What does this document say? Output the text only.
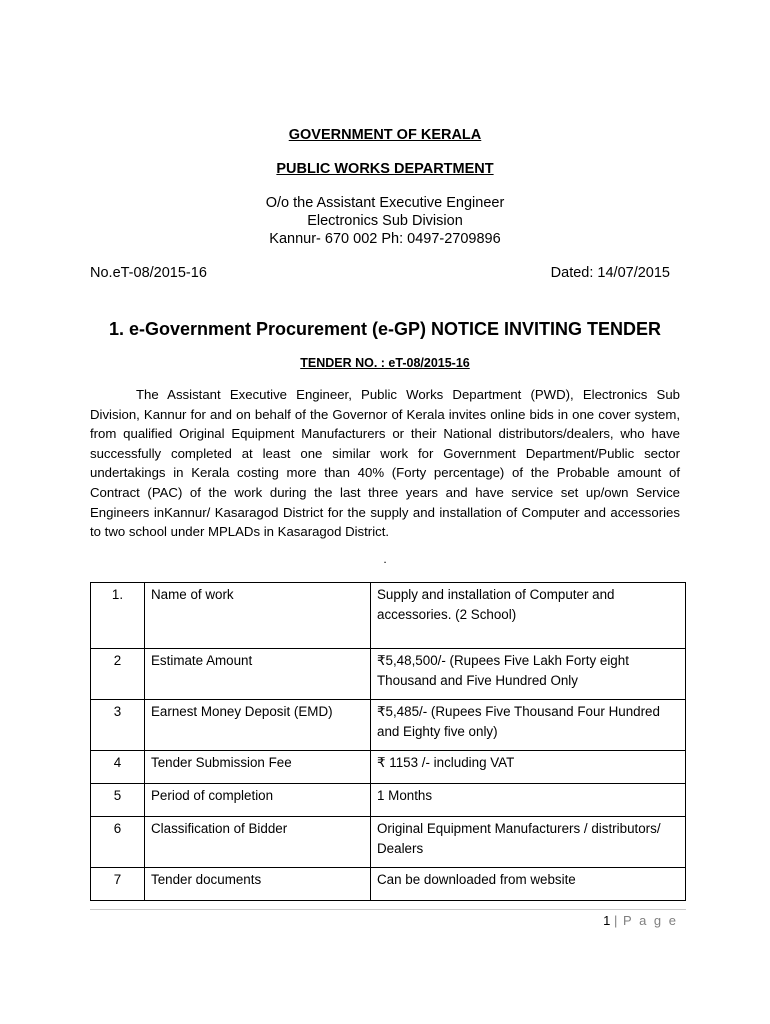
GOVERNMENT OF KERALA
PUBLIC WORKS DEPARTMENT
O/o the Assistant Executive Engineer
Electronics Sub Division
Kannur- 670 002 Ph: 0497-2709896
No.eT-08/2015-16	Dated: 14/07/2015
1. e-Government Procurement (e-GP) NOTICE INVITING TENDER
TENDER NO. : eT-08/2015-16
The Assistant Executive Engineer, Public Works Department (PWD), Electronics Sub Division, Kannur for and on behalf of the Governor of Kerala invites online bids in one cover system, from qualified Original Equipment Manufacturers or their National distributors/dealers, who have successfully completed at least one similar work for Government Department/Public sector undertakings in Kerala costing more than 40% (Forty percentage) of the Probable amount of Contract (PAC) of the work during the last three years and have service set up/own Service Engineers inKannur/ Kasaragod District for the supply and installation of Computer and accessories to two school under MPLADs in Kasaragod District.
.
1.	Name of work	Supply and installation of Computer and accessories. (2 School)
2	Estimate Amount	₹5,48,500/- (Rupees Five Lakh Forty eight Thousand and Five Hundred Only
3	Earnest Money Deposit (EMD)	₹5,485/- (Rupees Five Thousand Four Hundred and Eighty five only)
4	Tender Submission Fee	₹ 1153 /- including VAT
5	Period of completion	1 Months
6	Classification of Bidder	Original Equipment Manufacturers / distributors/ Dealers
7	Tender documents	Can be downloaded from website
1 | P a g e
